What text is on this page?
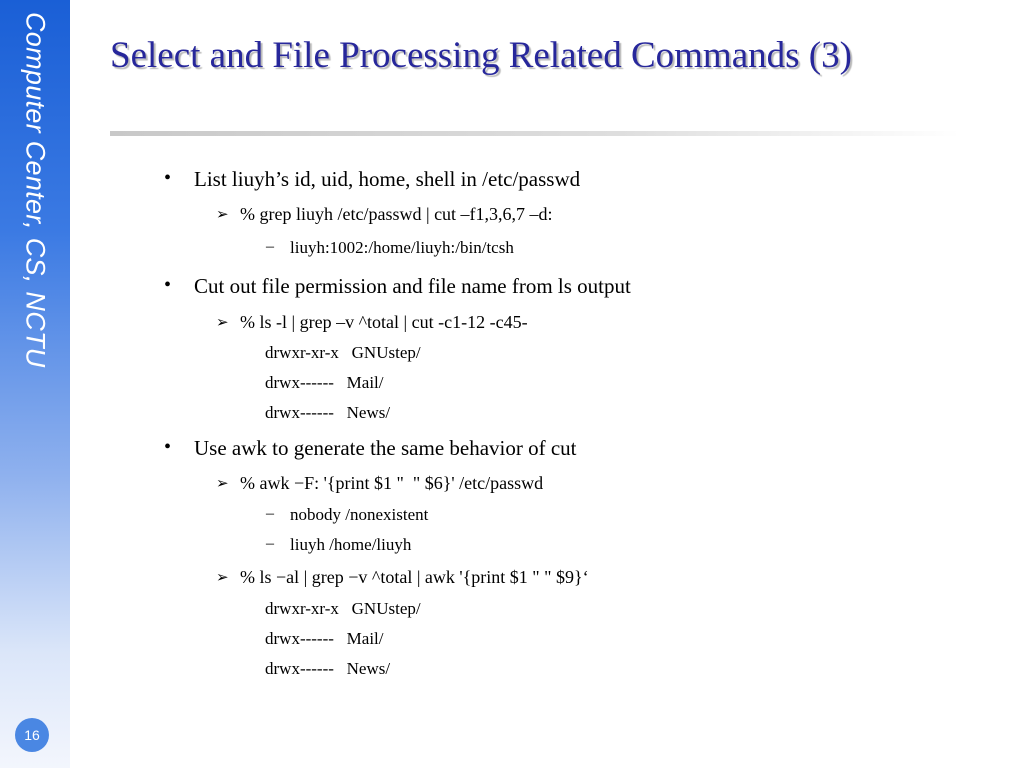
Computer Center, CS, NCTU
16
Select and File Processing Related Commands (3)
• List liuyh’s id, uid, home, shell in /etc/passwd
➢ % grep liuyh /etc/passwd | cut –f1,3,6,7 –d:
– liuyh:1002:/home/liuyh:/bin/tcsh
• Cut out file permission and file name from ls output
➢ % ls -l | grep –v ^total | cut -c1-12 -c45-
drwxr-xr-x   GNUstep/
drwx------   Mail/
drwx------   News/
• Use awk to generate the same behavior of cut
➢ % awk −F: '{print $1 "  " $6}' /etc/passwd
– nobody /nonexistent
– liuyh /home/liuyh
➢ % ls −al | grep −v ^total | awk '{print $1 " " $9}‘
drwxr-xr-x   GNUstep/
drwx------   Mail/
drwx------   News/
